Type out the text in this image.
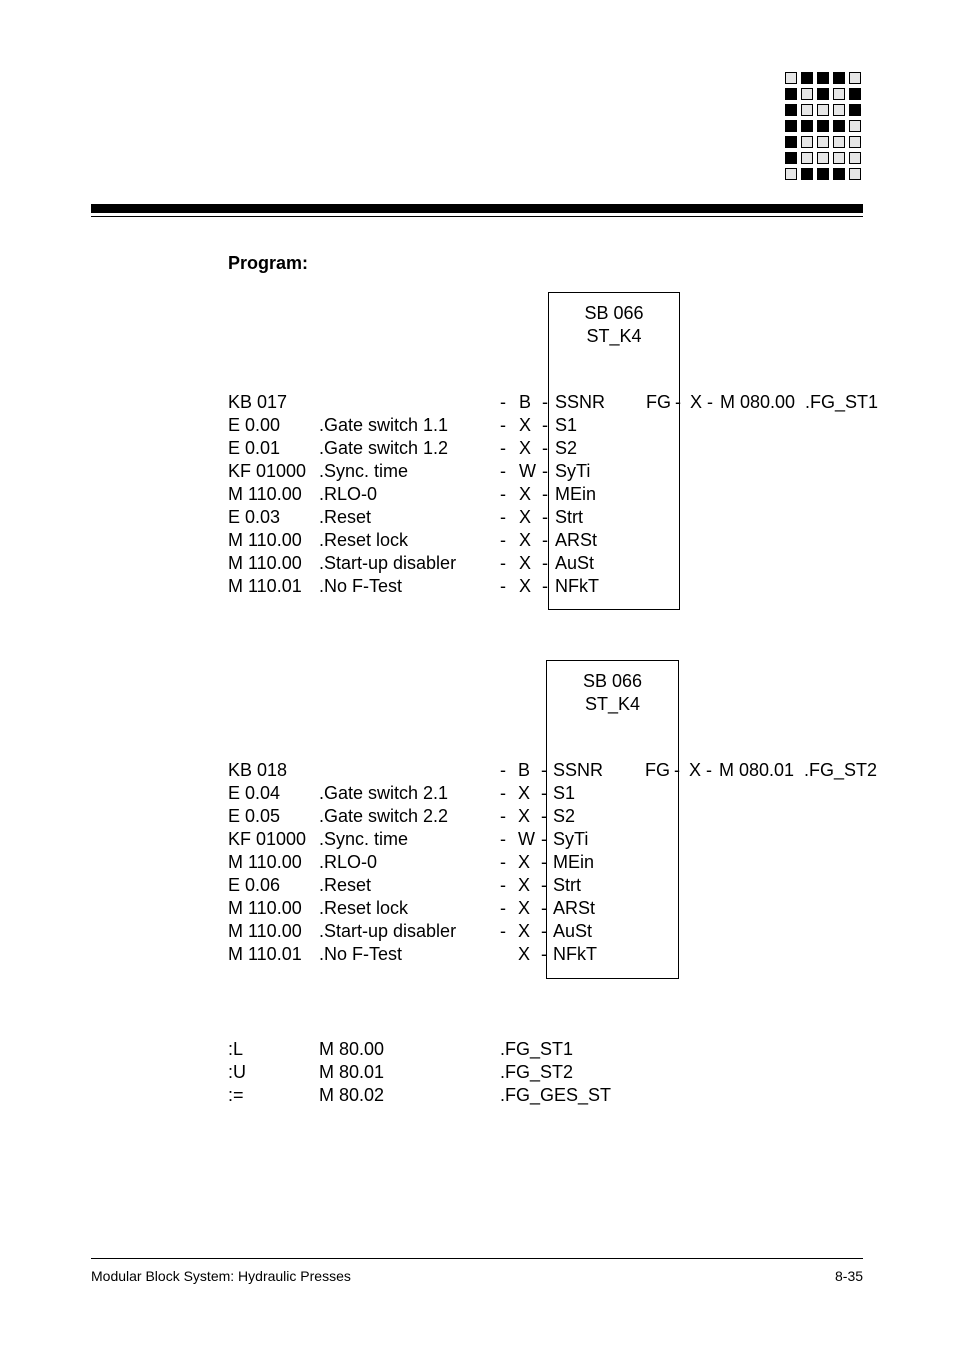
Program:
SB 066
ST_K4
KB 017	- B - SSNR
E 0.00 .Gate switch 1.1	- X - S1
E 0.01 .Gate switch 1.2	- X - S2
KF 01000 .Sync. time	- W - SyTi
M 110.00 .RLO-0	- X - MEin
E 0.03 .Reset	- X - Strt
M 110.00 .Reset lock	- X - ARSt
M 110.00 .Start-up disabler - X - AuSt
M 110.01 .No F-Test	- X - NFkT
FG - X - M 080.00 .FG_ST1
SB 066
ST_K4
KB 018	- B - SSNR
E 0.04 .Gate switch 2.1	- X - S1
E 0.05 .Gate switch 2.2	- X - S2
KF 01000 .Sync. time	- W - SyTi
M 110.00 .RLO-0	- X - MEin
E 0.06 .Reset	- X - Strt
M 110.00 .Reset lock	- X - ARSt
M 110.00 .Start-up disabler - X - AuSt
M 110.01 .No F-Test	X - NFkT
FG - X - M 080.01 .FG_ST2
:L	M 80.00	.FG_ST1
:U	M 80.01	.FG_ST2
:=	M 80.02	.FG_GES_ST
Modular Block System: Hydraulic Presses	8-35
